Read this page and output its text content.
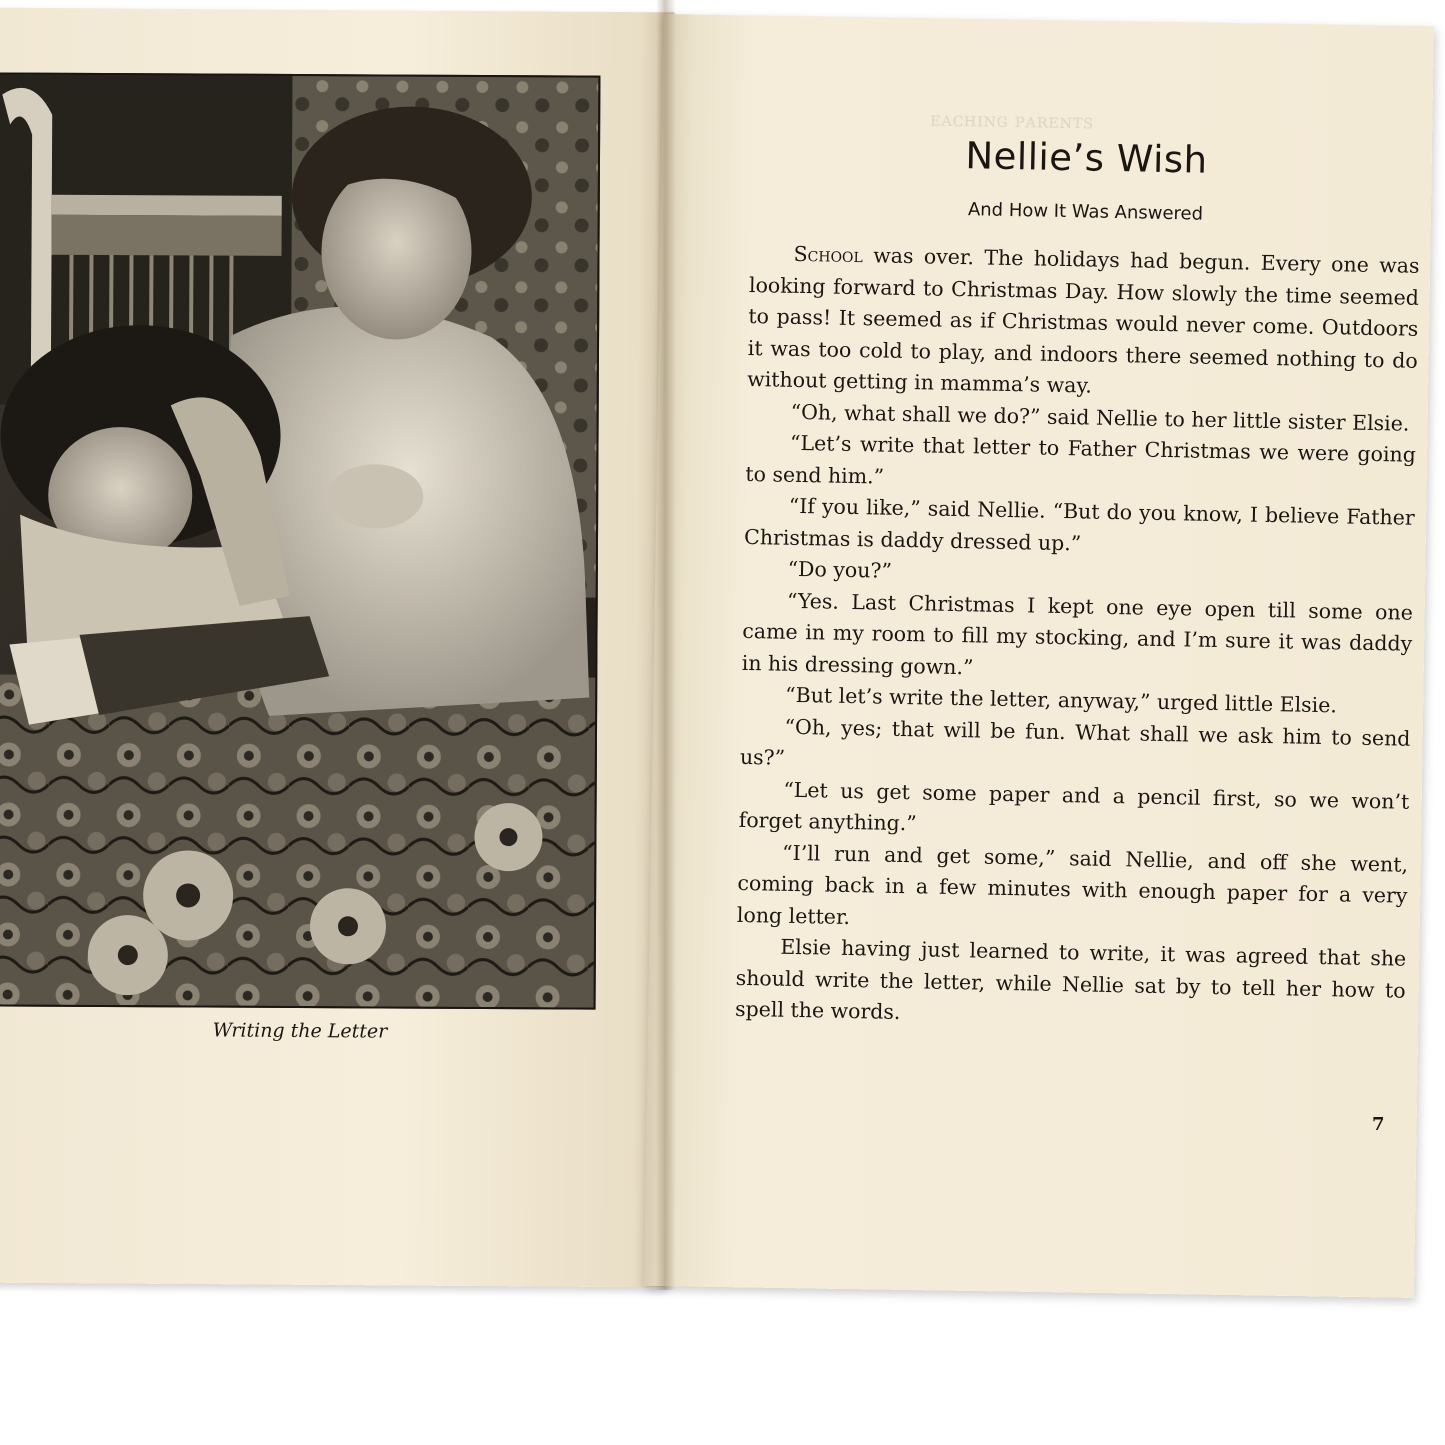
Writing the Letter
Nellie’s Wish
And How It Was Answered

School was over. The holidays had begun. Every one was looking forward to Christmas Day. How slowly the time seemed to pass! It seemed as if Christmas would never come. Outdoors it was too cold to play, and indoors there seemed nothing to do without getting in mamma’s way.

“Oh, what shall we do?” said Nellie to her little sister Elsie.

“Let’s write that letter to Father Christmas we were going to send him.”

“If you like,” said Nellie. “But do you know, I believe Father Christmas is daddy dressed up.”

“Do you?”

“Yes. Last Christmas I kept one eye open till some one came in my room to fill my stocking, and I’m sure it was daddy in his dressing gown.”

“But let’s write the letter, anyway,” urged little Elsie.

“Oh, yes; that will be fun. What shall we ask him to send us?”

“Let us get some paper and a pencil first, so we won’t forget anything.”

“I’ll run and get some,” said Nellie, and off she went, coming back in a few minutes with enough paper for a very long letter.

Elsie having just learned to write, it was agreed that she should write the letter, while Nellie sat by to tell her how to spell the words.

7
